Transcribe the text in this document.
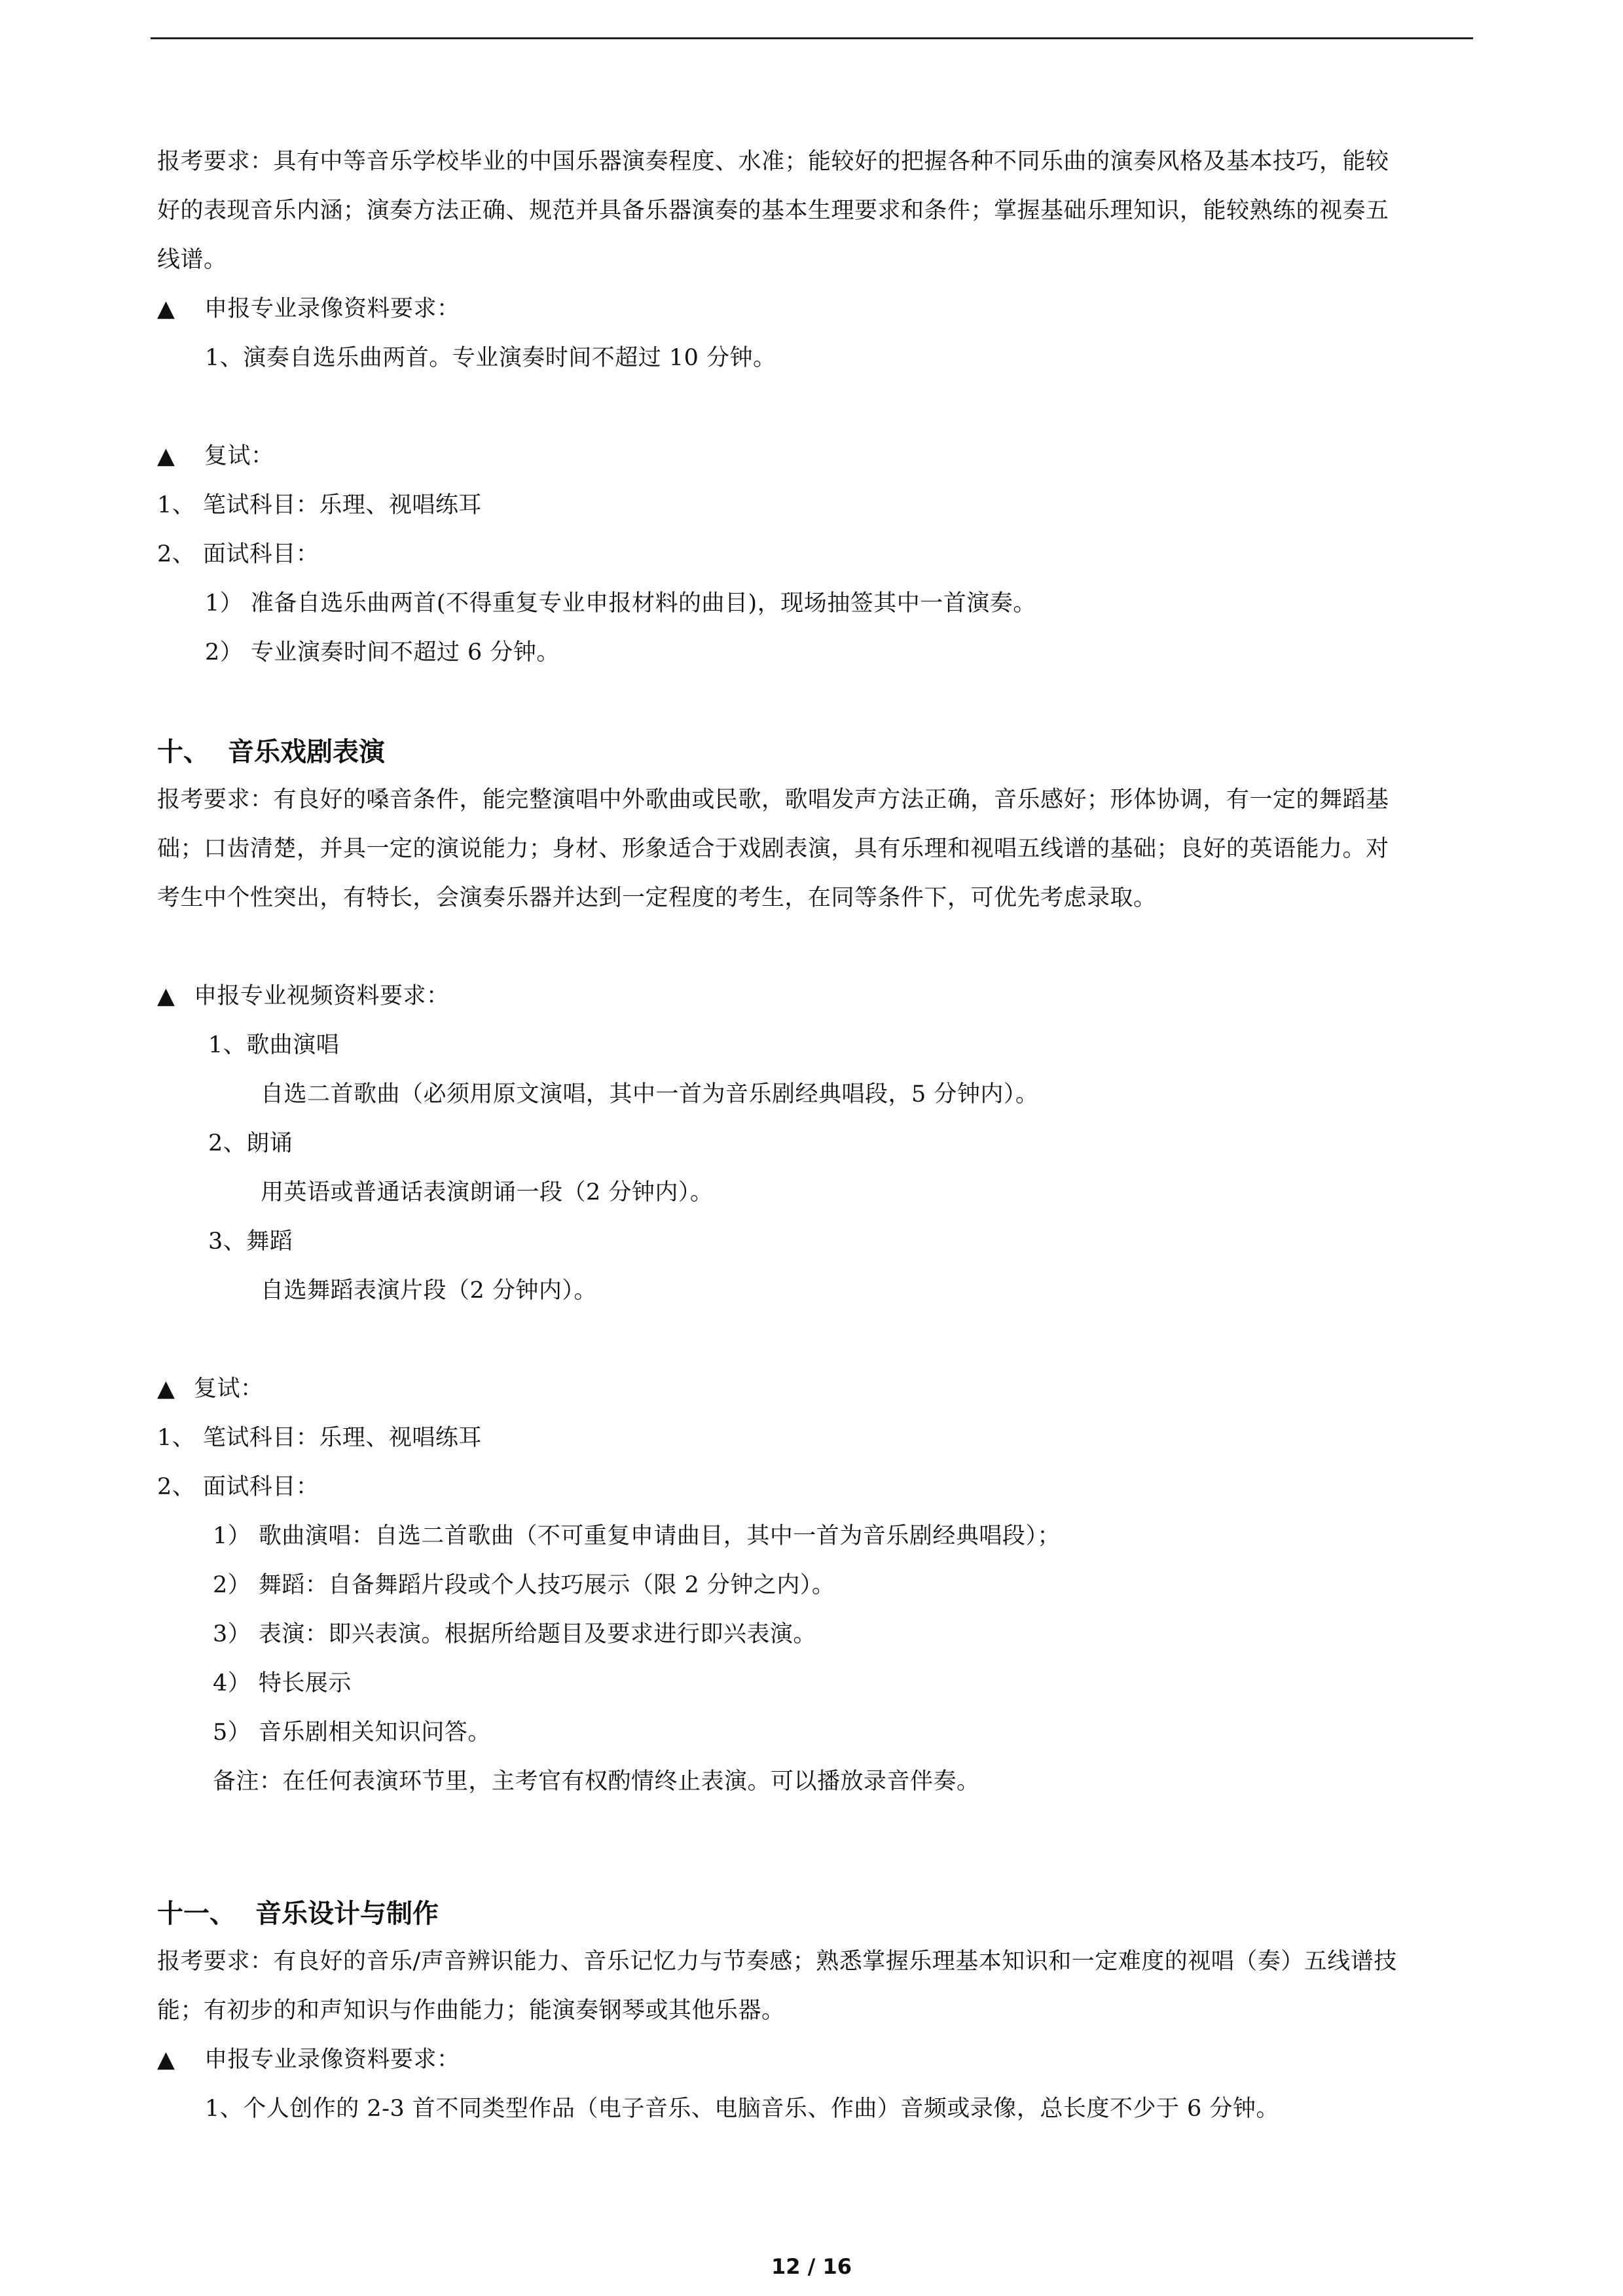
报考要求：具有中等音乐学校毕业的中国乐器演奏程度、水准；能较好的把握各种不同乐曲的演奏风格及基本技巧，能较
好的表现音乐内涵；演奏方法正确、规范并具备乐器演奏的基本生理要求和条件；掌握基础乐理知识，能较熟练的视奏五
线谱。
▲ 申报专业录像资料要求：
1、演奏自选乐曲两首。专业演奏时间不超过 10 分钟。
▲ 复试：
1、 笔试科目：乐理、视唱练耳
2、 面试科目：
1） 准备自选乐曲两首(不得重复专业申报材料的曲目)，现场抽签其中一首演奏。
2） 专业演奏时间不超过 6 分钟。
十、 音乐戏剧表演
报考要求：有良好的嗓音条件，能完整演唱中外歌曲或民歌，歌唱发声方法正确，音乐感好；形体协调，有一定的舞蹈基
础；口齿清楚，并具一定的演说能力；身材、形象适合于戏剧表演，具有乐理和视唱五线谱的基础；良好的英语能力。对
考生中个性突出，有特长，会演奏乐器并达到一定程度的考生，在同等条件下，可优先考虑录取。
▲ 申报专业视频资料要求：
1、歌曲演唱
自选二首歌曲（必须用原文演唱，其中一首为音乐剧经典唱段，5 分钟内）。
2、朗诵
用英语或普通话表演朗诵一段（2 分钟内）。
3、舞蹈
自选舞蹈表演片段（2 分钟内）。
▲ 复试：
1、 笔试科目：乐理、视唱练耳
2、 面试科目：
1） 歌曲演唱：自选二首歌曲（不可重复申请曲目，其中一首为音乐剧经典唱段）；
2） 舞蹈：自备舞蹈片段或个人技巧展示（限 2 分钟之内）。
3） 表演：即兴表演。根据所给题目及要求进行即兴表演。
4） 特长展示
5） 音乐剧相关知识问答。
备注：在任何表演环节里，主考官有权酌情终止表演。可以播放录音伴奏。
十一、 音乐设计与制作
报考要求：有良好的音乐/声音辨识能力、音乐记忆力与节奏感；熟悉掌握乐理基本知识和一定难度的视唱（奏）五线谱技
能；有初步的和声知识与作曲能力；能演奏钢琴或其他乐器。
▲ 申报专业录像资料要求：
1、个人创作的 2-3 首不同类型作品（电子音乐、电脑音乐、作曲）音频或录像，总长度不少于 6 分钟。
12 / 16
